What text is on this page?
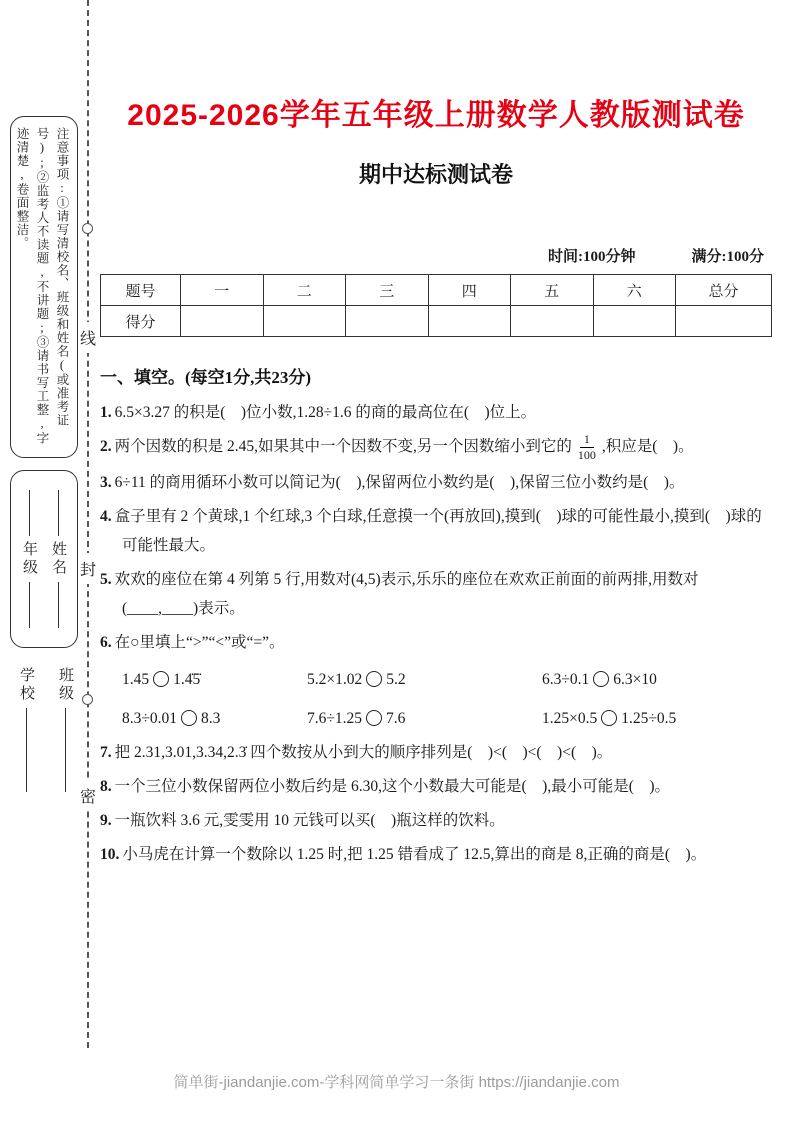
线
封
密
注意事项:①请写清校名、班级和姓名(或准考证号);②监考人不读题,不讲题;③请书写工整,字迹清楚,卷面整洁。
年级 姓名
学校 班级
2025-2026学年五年级上册数学人教版测试卷
期中达标测试卷
时间:100分钟	满分:100分
题号	一	二	三	四	五	六	总分
得分							
一、填空。(每空1分,共23分)
1. 6.5×3.27 的积是(    )位小数,1.28÷1.6 的商的最高位在(    )位上。
2. 两个因数的积是 2.45,如果其中一个因数不变,另一个因数缩小到它的 $\frac{1}{100}$ ,积应是(    )。
3. 6÷11 的商用循环小数可以简记为(    ),保留两位小数约是(    ),保留三位小数约是(    )。
4. 盒子里有 2 个黄球,1 个红球,3 个白球,任意摸一个(再放回),摸到(    )球的可能性最小,摸到(    )球的可能性最大。
5. 欢欢的座位在第 4 列第 5 行,用数对(4,5)表示,乐乐的座位在欢欢正前面的前两排,用数对(____,____)表示。
6. 在○里填上“>”“<”或“=”。
1.45 1.4̇5̇	5.2×1.02 5.2	6.3÷0.1 6.3×10
8.3÷0.01 8.3	7.6÷1.25 7.6	1.25×0.5 1.25÷0.5
7. 把 2.31,3.01,3.34,2.3̇ 四个数按从小到大的顺序排列是(    )<(    )<(    )<(    )。
8. 一个三位小数保留两位小数后约是 6.30,这个小数最大可能是(    ),最小可能是(    )。
9. 一瓶饮料 3.6 元,雯雯用 10 元钱可以买(    )瓶这样的饮料。
10. 小马虎在计算一个数除以 1.25 时,把 1.25 错看成了 12.5,算出的商是 8,正确的商是(    )。
简单街-jiandanjie.com-学科网简单学习一条街 https://jiandanjie.com
